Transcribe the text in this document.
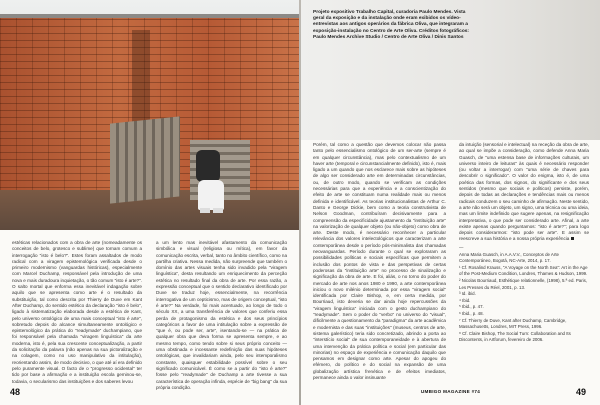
estéticas relacionados com a obra de arte (nomeadamente os conceitos de belo, grotesco e sublime) que tornam comum a interrogação "isto é belo?". Estes foram assaltados de modo radical com a viragem epistemológica verificada desde o primeiro modernismo (vanguardas históricas), especialmente com Marcel Duchamp, responsável pela introdução de uma nova e mais duradoura inquietação, o tão comum "isto é arte?". O salto mortal que enforma essa inevitável indagação sobre aquilo que se apresenta como arte é o resultado da substituição, tal como descrita por Thierry de Duve em Kant After Duchamp, do sentido estético da declaração "isto é belo", ligado à sistematização elaborada desde a estética de Kant, pelo universo ontológico de uma mais conceptual "isto é arte", sobretudo depois do alcance simultaneamente ontológico e epistemológico da prática do "readymade" duchampiano, que foi responsável pela chamada "viragem linguística" da arte moderna, isto é, pela sua crescente conceptualização, a partir da solicitação da palavra (não apenas na sua pictoralização e na colagem, como no uso manipulativo da intitulação), reorientando assim, de modo decisivo, o que até aí era definido pelo puramente visual. O facto de o "progresso ocidental" ter tido por base a afirmação e a instituição escola geminou-se, todavia, o secularismo das instituições e dos saberes levou

a um lento mas inevitável afastamento da comunicação simbólica e visual (religiosa ou mítica), em favor da comunicação escrita, verbal, tanto no âmbito científico, como na partilha criativa. Nessa medida, não surpreende que também o domínio das artes visuais tenha sido invadido pela "viragem linguística", desta resultando um enriquecimento da perceção estética no resultado final da obra de arte. Por essa razão, a expressão conceptual que o sentido declarativo identificado por Duve se traduz hoje, essencialmente, na recorrência interrogativa de um cepticismo, mas de origem conceptual, "isto é arte?" Na verdade, foi mais acentuado, ao longo de todo o século XX, a uma transferência de valores que conferiu essa perda de protagonismo da estética e dos seus princípios categóricos a favor de uma intitulação sobre a expressão de "que é, ou pode ser, arte", isentando-se — na prática de qualquer obra que deva forma se apresenta sempre, e ao mesmo tempo, como tendo sobre si seus próprio conceito — uma obstinada e incessante redefinição das suas hipóteses ontológicas, que invalidariam ainda, pelo seu intemporalismo constante, quaisquer estabilidade possível sobre o seu significado comunicável. É como se a partir do "isto é arte?" fosse pelo "readymade" de Duchamp a arte tivesse a sua característica de operação infinda, espécie de "big bang" da sua própria condição.

48
Projeto expositivo Trabalho Capital, curadoria Paulo Mendes. Vista geral da exposição e da instalação onde eram exibidos os vídeo-entrevistas aos antigos operários da fábrica Oliva, que integraram a exposição-instalação no Centro de Arte Oliva. Créditos fotográficos: Paulo Mendes Archive Studio / Centro de Arte Oliva / Dinis Santos

Porém, tal como a questão que devemos colocar não passa tanto pelo essencialismo ontológico de um ser-arte (sempre é em qualquer circunstância), mas pelo contextualismo de um haver arte (temporal e circunstancialmente definido), isto é, mais ligado a um quando que nos esclarece mais sobre as hipóteses de algo ser considerado arte em determinadas circunstâncias, ou, de outro modo, quando se verificam as condições necessárias para que a experiência e a conscientização do efeito de arte se constituam numa realidade mais ou menos definida e identificável. As teorias institucionalistas de Arthur C. Danto e George Dickie, bem como a teoria construtivista de Nelson Goodman, contribuíram decisivamente para a compreensão da especificidade ajustamento da "instituição arte" na valorização de qualquer objeto (ou não-objeto) como obra de arte. Deste modo, é necessário reconhecer a particular relevância dos valores intelectológicos que caracterizam a arte contemporânea desde o período pós-minimalista das chamadas neovanguardas. Período durante o qual se exploraram as possibilidades políticas e sociais específicas que permitem a inclusão dos pontos de vista e das perspetivas de certas poderosas da "instituição arte" no processo de sinalização e significação da obra de arte. E foi, aliás, o no torno do poder do mercado de arte nos anos 1980 e 1990, a arte contemporânea iniciou o novo milénio determinada por essa "viragem social" identificada por Claire Bishop, e, em certa medida, por Bourriaud, isto deveria se dar ainda hoje repercussões da "viragem linguística" iniciada com o gesto duchampiano do "readymade". Sem o poder do "verbo" no universo do "visual", dificilmente a questionamento da "paradigma" da arte acadêmica e modernista e das suas "instituições" (museus, centros de arte, sistema galerístico) teria sido concretizado, abrindo a porta ao "interstício social" de sua contemporaneidade e à abertura de uma intervenção da prática política e social (em particular das minorias) no espaço de experiência e comunicação daquilo que pensamos em designar como arte. Apesar do apogeu do efémero, do político e do social na expansão de uma globalização artística frenética e de efeitos imediatos, permanece ainda o valor insinuante

da intuição (sensorial e intelectual) na receção da obra de arte, ao qual se impõe a consideração, como defende Anna Maria Guasch, de "uma estensa base de informações culturais, um universo inteiro de leituras" às quais é necessário responder (ou voltar a interrogar) com "uma série de chaves para descobrir o significado". O valor do enigma, isto é, de uma poética das formas, dos signos, do significante e dos seus sentidos (mesmo que sociais e políticos) persiste, porém, depois de todas as declarações e tendências mais ou menos radicais conduzem o seu caminho de afirmação. Neste sentido, a arte não será um objeto, um signo, uma técnica ou uma ideia, mas um limite indefinido que sugere apenas, na resignificação interpretativa, o que pode ser considerado arte. Afinal, a arte existe apenas quando perguntamos: "isto é arte?"; para logo depois considerarmos: "isto pode ser arte". E assim se reescreve a sua história e a nossa própria experiência

—
Anna Maria Guasch, in A.A.V.V., Conceptos de Arte Contemporáneo, Bogotá, NC-Arte, 2014, p. 17.
¹ Cf. Rosalind Krauss, "A Voyage on the North Sea": Art in the Age of the Post-Medium Condition, Londres, Thames & Hudson, 1999.
² Nicolas Bourriaud, Esthétique relationnelle, (1998), 5.ª ed. Paris, Les Presses du Réel, 2001, p. 13.
³ Id. ibid.
⁴ Ibid.
⁵ Ibid., p. 47.
⁶ Ibid., p. 48.
⁷ Cf. Thierry de Duve, Kant after Duchamp, Cambridge, Massachusetts, Londres, MIT Press, 1996.
⁸ Cf. Claire Bishop, The Social Turn: Collaboration and Its Discontents, in Artforum, fevereiro de 2006.
UMBIGO MAGAZINE #74	49
